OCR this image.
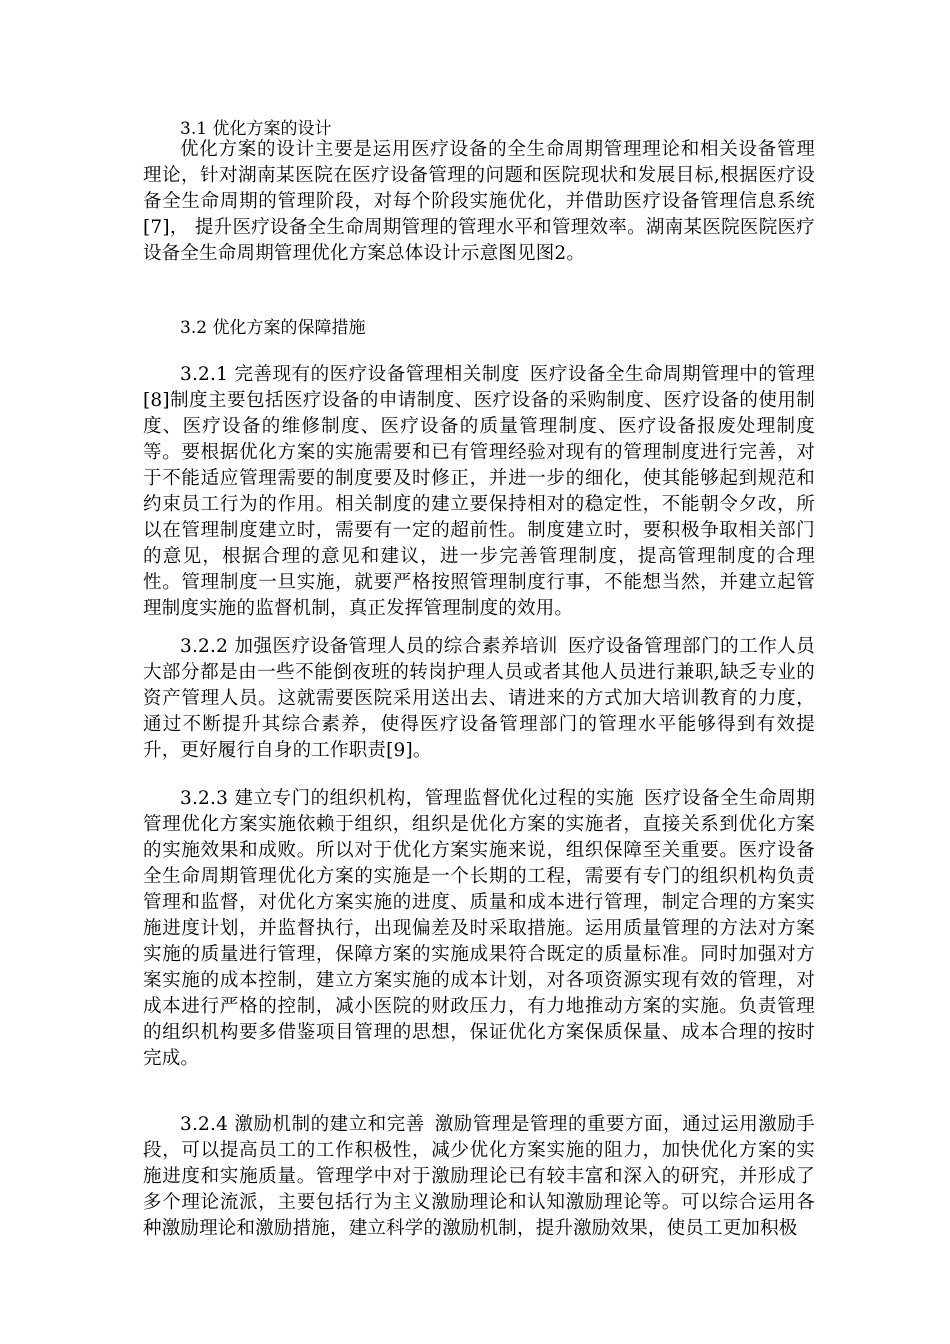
3.1 优化方案的设计

优化方案的设计主要是运用医疗设备的全生命周期管理理论和相关设备管理理论，针对湖南某医院在医疗设备管理的问题和医院现状和发展目标,根据医疗设备全生命周期的管理阶段，对每个阶段实施优化，并借助医疗设备管理信息系统[7]， 提升医疗设备全生命周期管理的管理水平和管理效率。湖南某医院医院医疗设备全生命周期管理优化方案总体设计示意图见图2。

3.2 优化方案的保障措施

3.2.1 完善现有的医疗设备管理相关制度 医疗设备全生命周期管理中的管理[8]制度主要包括医疗设备的申请制度、医疗设备的采购制度、医疗设备的使用制度、医疗设备的维修制度、医疗设备的质量管理制度、医疗设备报废处理制度等。要根据优化方案的实施需要和已有管理经验对现有的管理制度进行完善，对于不能适应管理需要的制度要及时修正，并进一步的细化，使其能够起到规范和约束员工行为的作用。相关制度的建立要保持相对的稳定性，不能朝令夕改，所以在管理制度建立时，需要有一定的超前性。制度建立时，要积极争取相关部门的意见，根据合理的意见和建议，进一步完善管理制度，提高管理制度的合理性。管理制度一旦实施，就要严格按照管理制度行事，不能想当然，并建立起管理制度实施的监督机制，真正发挥管理制度的效用。

3.2.2 加强医疗设备管理人员的综合素养培训 医疗设备管理部门的工作人员大部分都是由一些不能倒夜班的转岗护理人员或者其他人员进行兼职,缺乏专业的资产管理人员。这就需要医院采用送出去、请进来的方式加大培训教育的力度，通过不断提升其综合素养，使得医疗设备管理部门的管理水平能够得到有效提升，更好履行自身的工作职责[9]。

3.2.3 建立专门的组织机构，管理监督优化过程的实施 医疗设备全生命周期管理优化方案实施依赖于组织，组织是优化方案的实施者，直接关系到优化方案的实施效果和成败。所以对于优化方案实施来说，组织保障至关重要。医疗设备全生命周期管理优化方案的实施是一个长期的工程，需要有专门的组织机构负责管理和监督，对优化方案实施的进度、质量和成本进行管理，制定合理的方案实施进度计划，并监督执行，出现偏差及时采取措施。运用质量管理的方法对方案实施的质量进行管理，保障方案的实施成果符合既定的质量标准。同时加强对方案实施的成本控制，建立方案实施的成本计划，对各项资源实现有效的管理，对成本进行严格的控制，减小医院的财政压力，有力地推动方案的实施。负责管理的组织机构要多借鉴项目管理的思想，保证优化方案保质保量、成本合理的按时完成。

3.2.4 激励机制的建立和完善 激励管理是管理的重要方面，通过运用激励手段，可以提高员工的工作积极性，减少优化方案实施的阻力，加快优化方案的实施进度和实施质量。管理学中对于激励理论已有较丰富和深入的研究，并形成了多个理论流派，主要包括行为主义激励理论和认知激励理论等。可以综合运用各种激励理论和激励措施，建立科学的激励机制，提升激励效果，使员工更加积极
